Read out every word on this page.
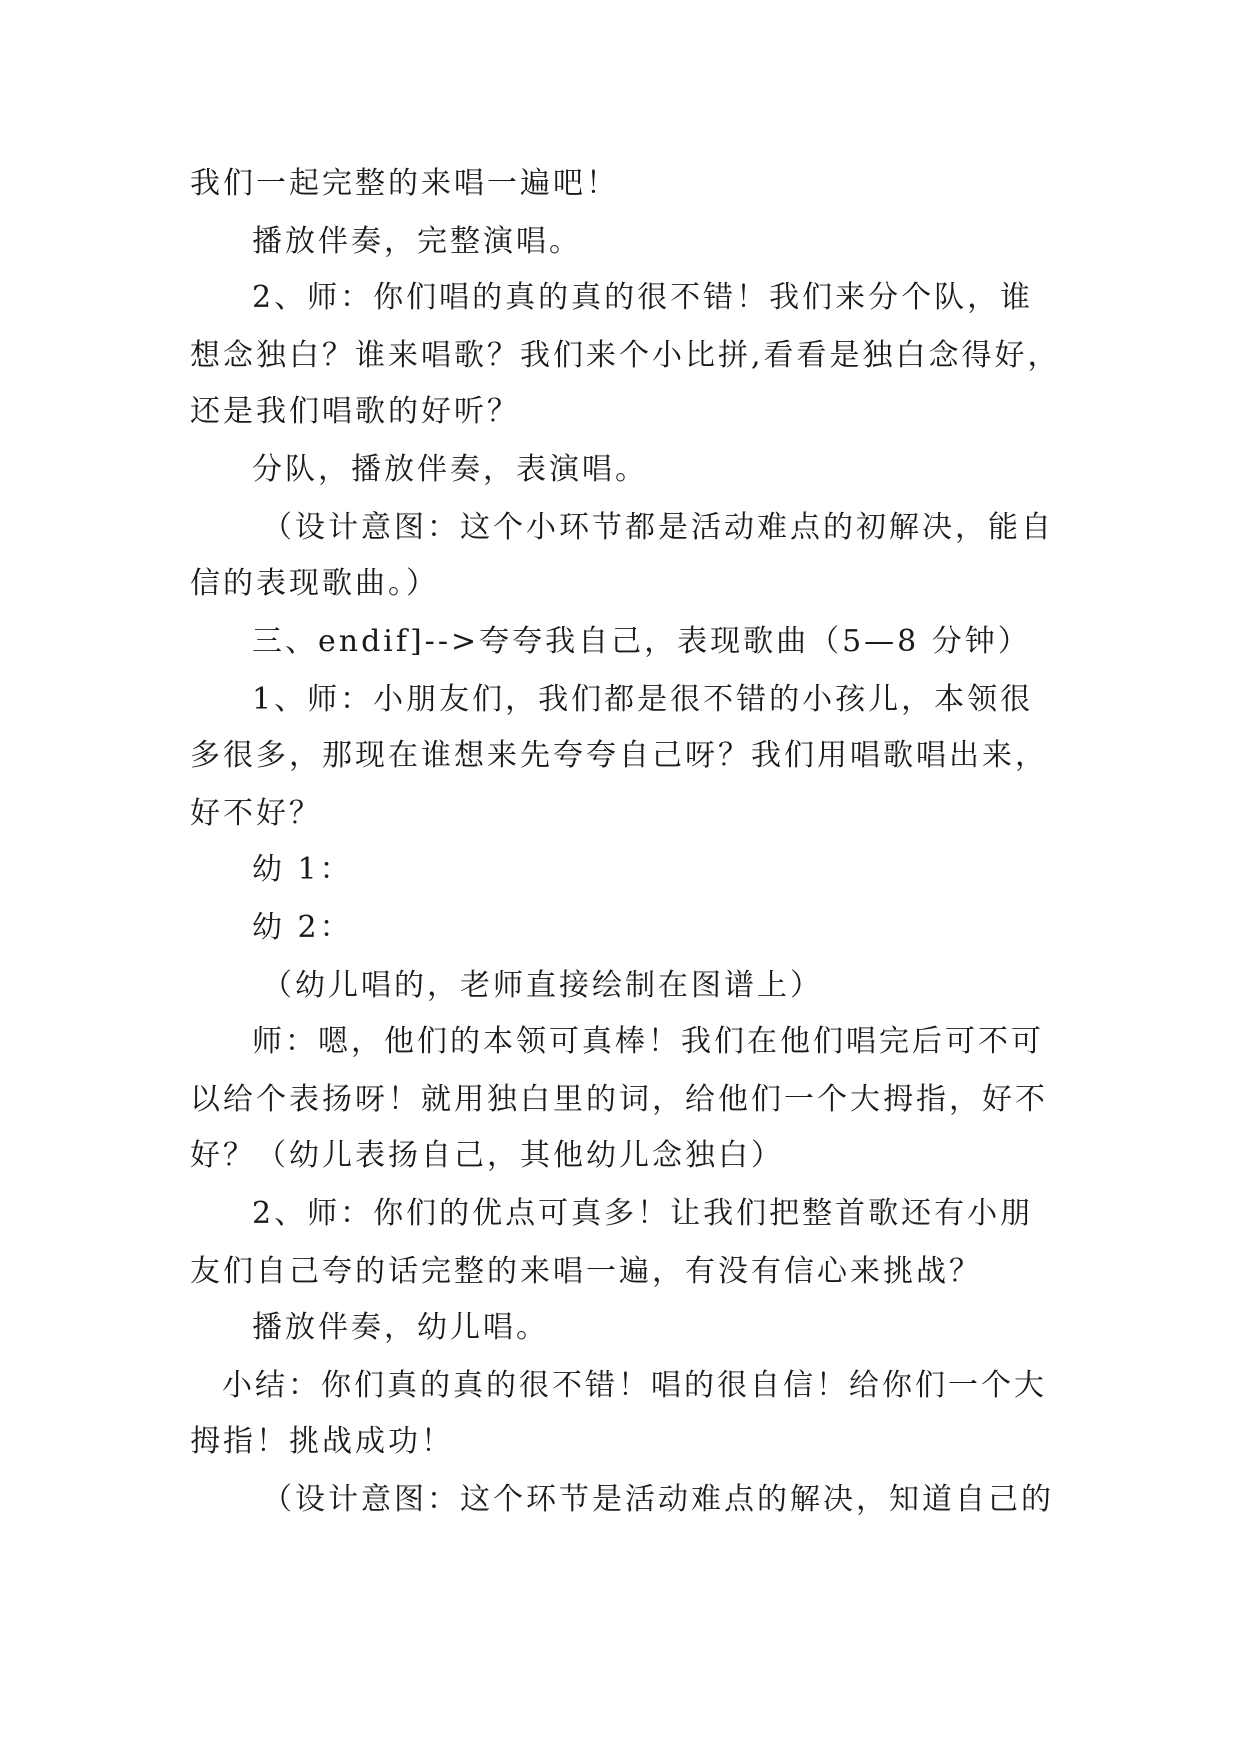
我们一起完整的来唱一遍吧！
播放伴奏，完整演唱。
2、师：你们唱的真的真的很不错！我们来分个队，谁
想念独白？谁来唱歌？我们来个小比拼,看看是独白念得好，
还是我们唱歌的好听？
分队，播放伴奏，表演唱。
（设计意图：这个小环节都是活动难点的初解决，能自
信的表现歌曲。）
三、endif]-->夸夸我自己，表现歌曲（5—8 分钟）
1、师：小朋友们，我们都是很不错的小孩儿，本领很
多很多，那现在谁想来先夸夸自己呀？我们用唱歌唱出来，
好不好？
幼 1：
幼 2：
（幼儿唱的，老师直接绘制在图谱上）
师：嗯，他们的本领可真棒！我们在他们唱完后可不可
以给个表扬呀！就用独白里的词，给他们一个大拇指，好不
好？（幼儿表扬自己，其他幼儿念独白）
2、师：你们的优点可真多！让我们把整首歌还有小朋
友们自己夸的话完整的来唱一遍，有没有信心来挑战？
播放伴奏，幼儿唱。
小结：你们真的真的很不错！唱的很自信！给你们一个大
拇指！挑战成功！
（设计意图：这个环节是活动难点的解决，知道自己的
